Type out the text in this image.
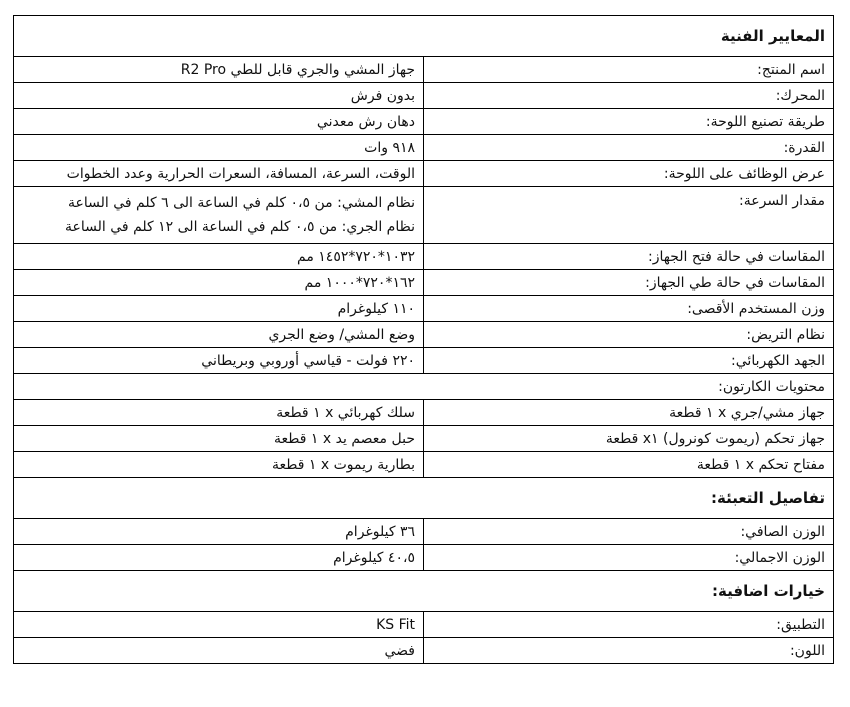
المعايير الفنية	
اسم المنتج:	جهاز المشي والجري قابل للطي R2 Pro
المحرك:	بدون فرش
طريقة تصنيع اللوحة:	دهان رش معدني
القدرة:	٩١٨ وات
عرض الوظائف على اللوحة:	الوقت، السرعة، المسافة، السعرات الحرارية وعدد الخطوات
مقدار السرعة:	نظام المشي: من ٠،٥ كلم في الساعة الى ٦ كلم في الساعة
نظام الجري: من ٠،٥ كلم في الساعة الى ١٢ كلم في الساعة

المقاسات في حالة فتح الجهاز:	١٠٣٢*٧٢٠*١٤٥٢ مم
المقاسات في حالة طي الجهاز:	١٦٢*٧٢٠*١٠٠٠ مم
وزن المستخدم الأقصى:	١١٠ كيلوغرام
نظام التريض:	وضع المشي/ وضع الجري
الجهد الكهربائي:	٢٢٠ فولت - قياسي أوروبي وبريطاني
محتويات الكارتون:	
جهاز مشي/جري x ١ قطعة	سلك كهربائي x ١ قطعة
جهاز تحكم (ريموت كونرول) x١ قطعة	حبل معصم يد x ١ قطعة
مفتاح تحكم x ١ قطعة	بطارية ريموت x ١ قطعة
تفاصيل التعبئة:	
الوزن الصافي:	٣٦ كيلوغرام
الوزن الاجمالي:	٤٠،٥ كيلوغرام
خيارات اضافية:	
التطبيق:	KS Fit
اللون:	فضي
